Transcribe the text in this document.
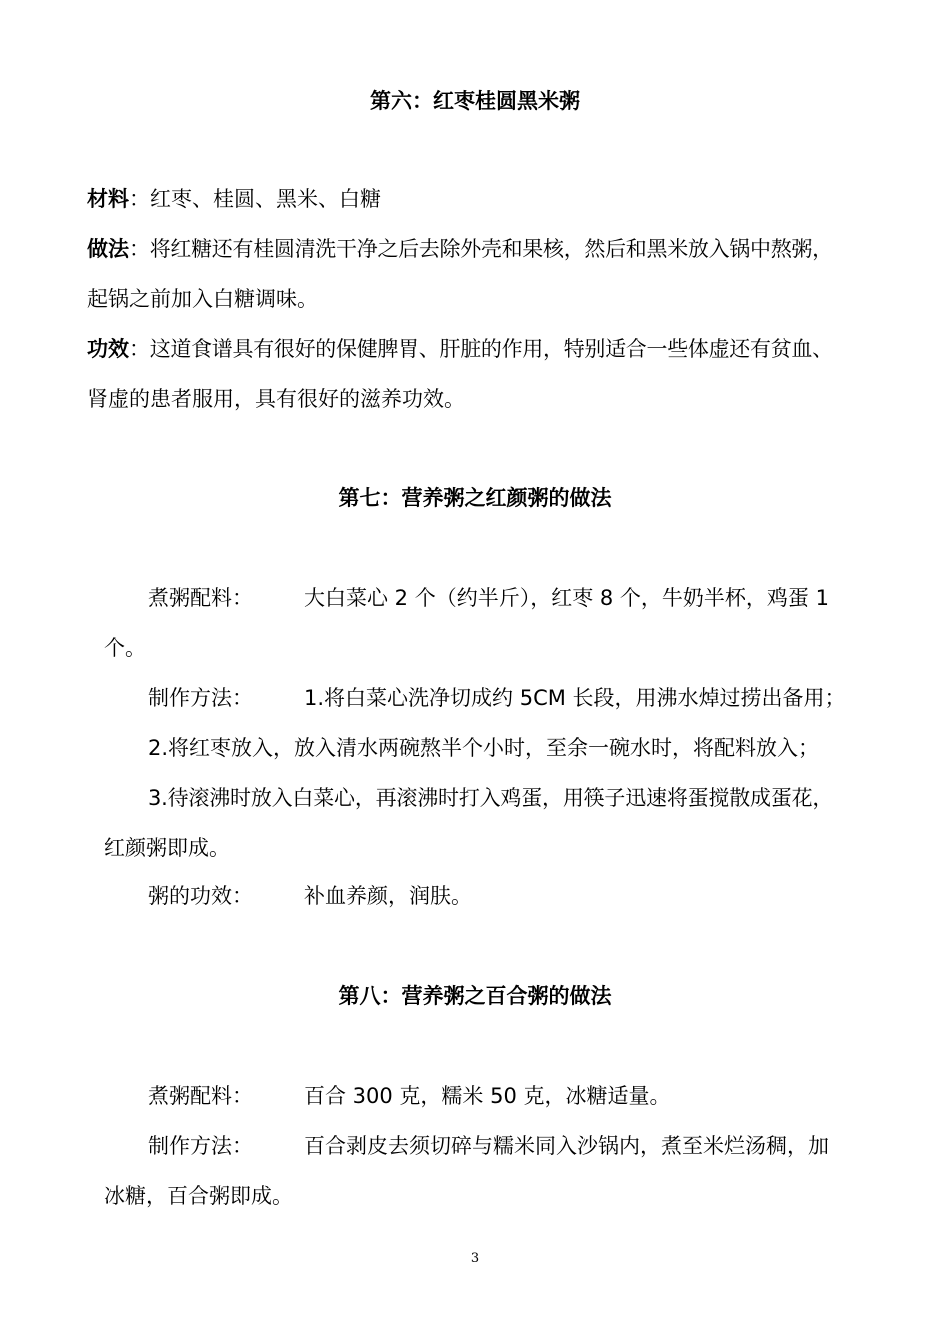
第六：红枣桂圆黑米粥
材料：红枣、桂圆、黑米、白糖
做法：将红糖还有桂圆清洗干净之后去除外壳和果核，然后和黑米放入锅中熬粥，
起锅之前加入白糖调味。
功效：这道食谱具有很好的保健脾胃、肝脏的作用，特别适合一些体虚还有贫血、
肾虚的患者服用，具有很好的滋养功效。
第七：营养粥之红颜粥的做法
煮粥配料： 大白菜心 2 个（约半斤），红枣 8 个，牛奶半杯，鸡蛋 1
个。
制作方法： 1.将白菜心洗净切成约 5CM 长段，用沸水焯过捞出备用；
2.将红枣放入，放入清水两碗熬半个小时，至余一碗水时，将配料放入；
3.待滚沸时放入白菜心，再滚沸时打入鸡蛋，用筷子迅速将蛋搅散成蛋花，
红颜粥即成。
粥的功效： 补血养颜，润肤。
第八：营养粥之百合粥的做法
煮粥配料： 百合 300 克，糯米 50 克，冰糖适量。
制作方法： 百合剥皮去须切碎与糯米同入沙锅内，煮至米烂汤稠，加
冰糖，百合粥即成。
3
